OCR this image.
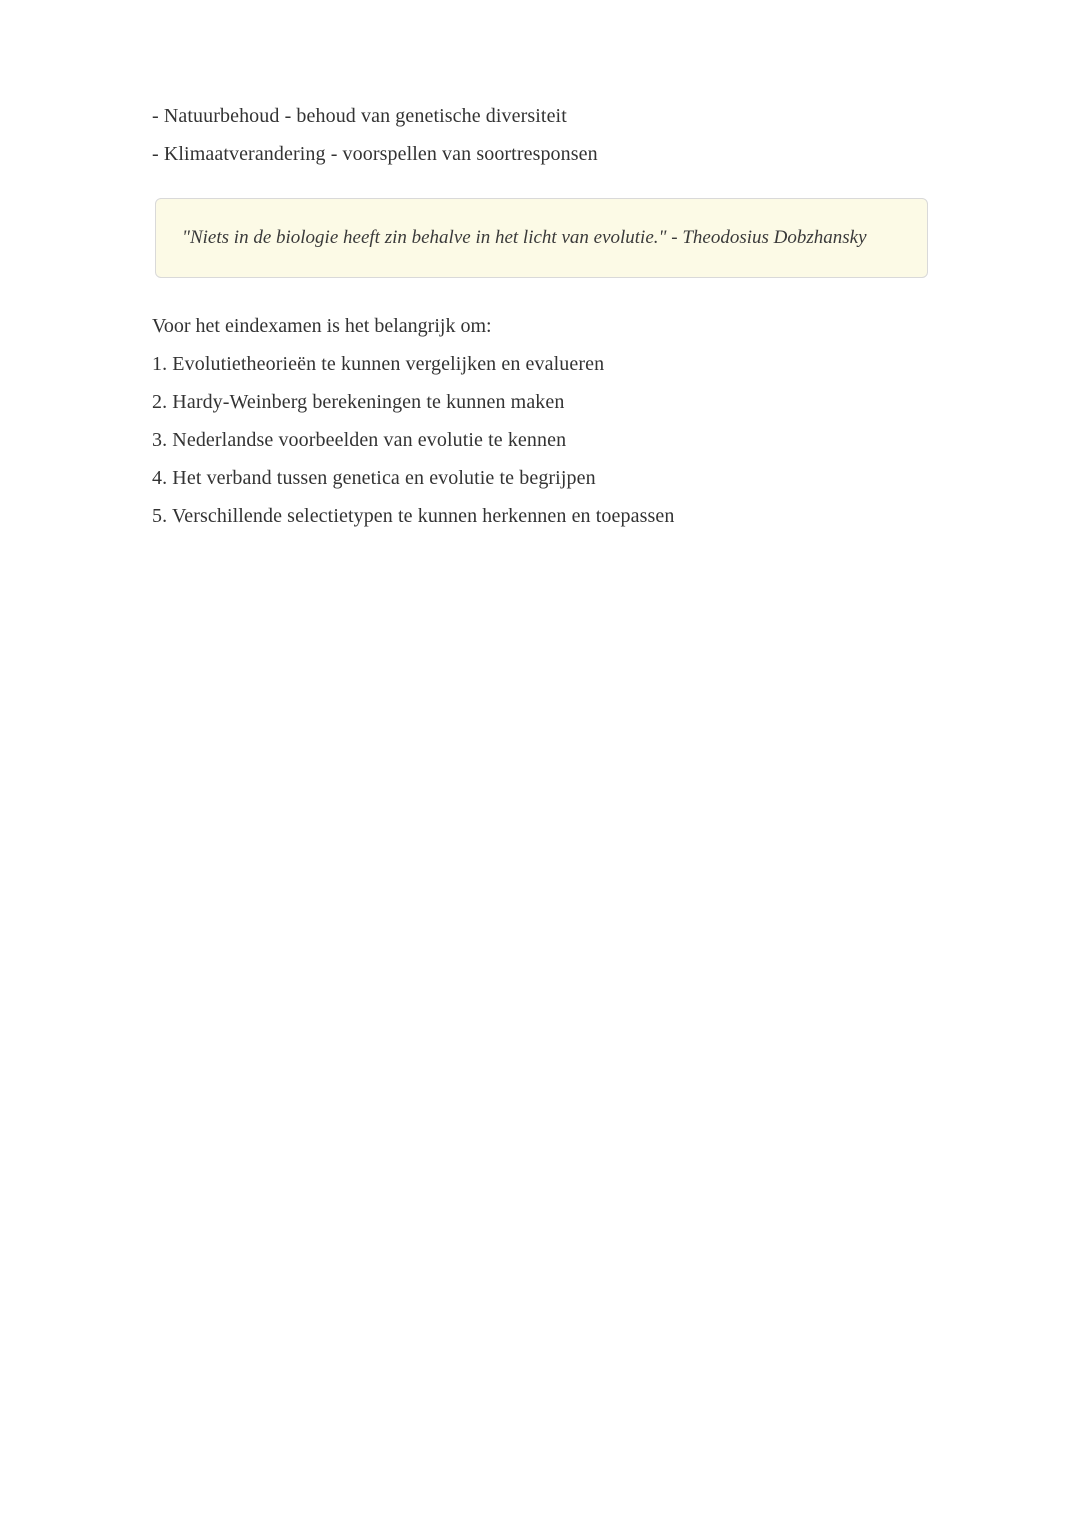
- Natuurbehoud - behoud van genetische diversiteit

- Klimaatverandering - voorspellen van soortresponsen

"Niets in de biologie heeft zin behalve in het licht van evolutie." - Theodosius Dobzhansky

Voor het eindexamen is het belangrijk om:

1. Evolutietheorieën te kunnen vergelijken en evalueren
2. Hardy-Weinberg berekeningen te kunnen maken
3. Nederlandse voorbeelden van evolutie te kennen
4. Het verband tussen genetica en evolutie te begrijpen
5. Verschillende selectietypen te kunnen herkennen en toepassen
